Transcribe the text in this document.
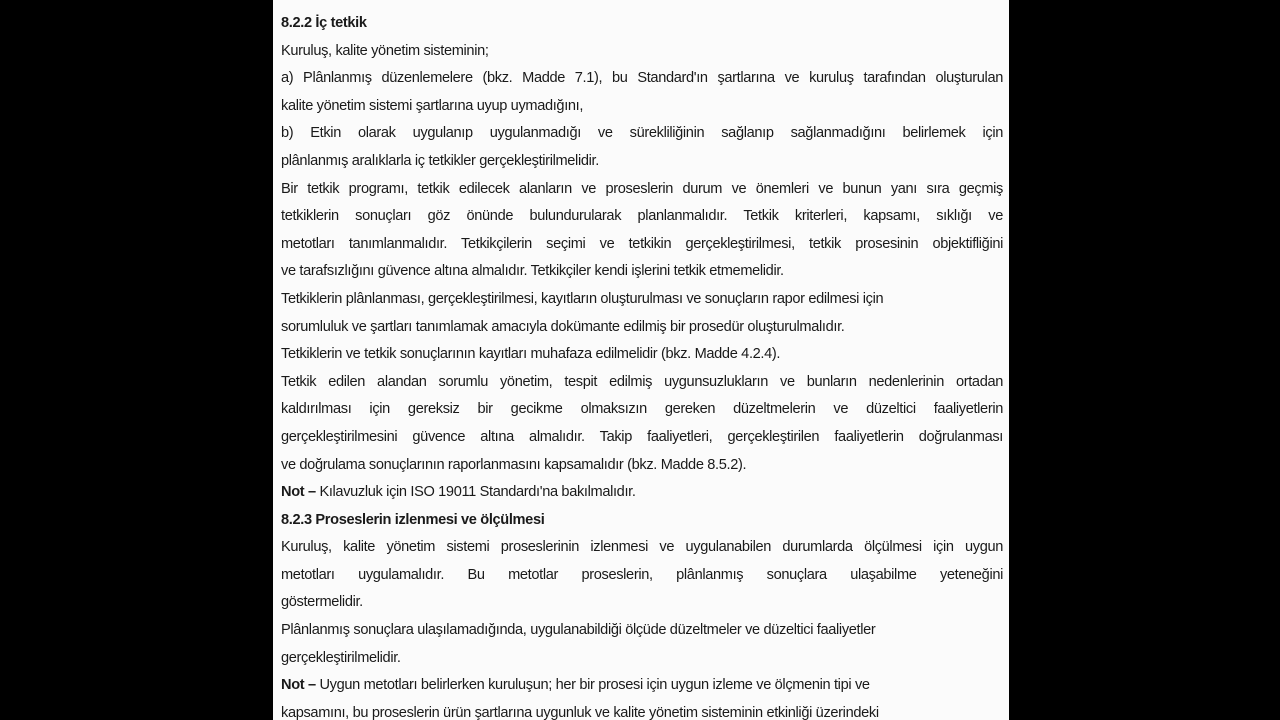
8.2.2 İç tetkik
Kuruluş, kalite yönetim sisteminin;
a) Plânlanmış düzenlemelere (bkz. Madde 7.1), bu Standard'ın şartlarına ve kuruluş tarafından oluşturulan
kalite yönetim sistemi şartlarına uyup uymadığını,
b) Etkin olarak uygulanıp uygulanmadığı ve sürekliliğinin sağlanıp sağlanmadığını belirlemek için
plânlanmış aralıklarla iç tetkikler gerçekleştirilmelidir.
Bir tetkik programı, tetkik edilecek alanların ve proseslerin durum ve önemleri ve bunun yanı sıra geçmiş
tetkiklerin sonuçları göz önünde bulundurularak planlanmalıdır. Tetkik kriterleri, kapsamı, sıklığı ve
metotları tanımlanmalıdır. Tetkikçilerin seçimi ve tetkikin gerçekleştirilmesi, tetkik prosesinin objektifliğini
ve tarafsızlığını güvence altına almalıdır. Tetkikçiler kendi işlerini tetkik etmemelidir.
Tetkiklerin plânlanması, gerçekleştirilmesi, kayıtların oluşturulması ve sonuçların rapor edilmesi için
sorumluluk ve şartları tanımlamak amacıyla dokümante edilmiş bir prosedür oluşturulmalıdır.
Tetkiklerin ve tetkik sonuçlarının kayıtları muhafaza edilmelidir (bkz. Madde 4.2.4).
Tetkik edilen alandan sorumlu yönetim, tespit edilmiş uygunsuzlukların ve bunların nedenlerinin ortadan
kaldırılması için gereksiz bir gecikme olmaksızın gereken düzeltmelerin ve düzeltici faaliyetlerin
gerçekleştirilmesini güvence altına almalıdır. Takip faaliyetleri, gerçekleştirilen faaliyetlerin doğrulanması
ve doğrulama sonuçlarının raporlanmasını kapsamalıdır (bkz. Madde 8.5.2).
Not – Kılavuzluk için ISO 19011 Standardı'na bakılmalıdır.
8.2.3 Proseslerin izlenmesi ve ölçülmesi
Kuruluş, kalite yönetim sistemi proseslerinin izlenmesi ve uygulanabilen durumlarda ölçülmesi için uygun
metotları uygulamalıdır. Bu metotlar proseslerin, plânlanmış sonuçlara ulaşabilme yeteneğini
göstermelidir.
Plânlanmış sonuçlara ulaşılamadığında, uygulanabildiği ölçüde düzeltmeler ve düzeltici faaliyetler
gerçekleştirilmelidir.
Not – Uygun metotları belirlerken kuruluşun; her bir prosesi için uygun izleme ve ölçmenin tipi ve
kapsamını, bu proseslerin ürün şartlarına uygunluk ve kalite yönetim sisteminin etkinliği üzerindeki
